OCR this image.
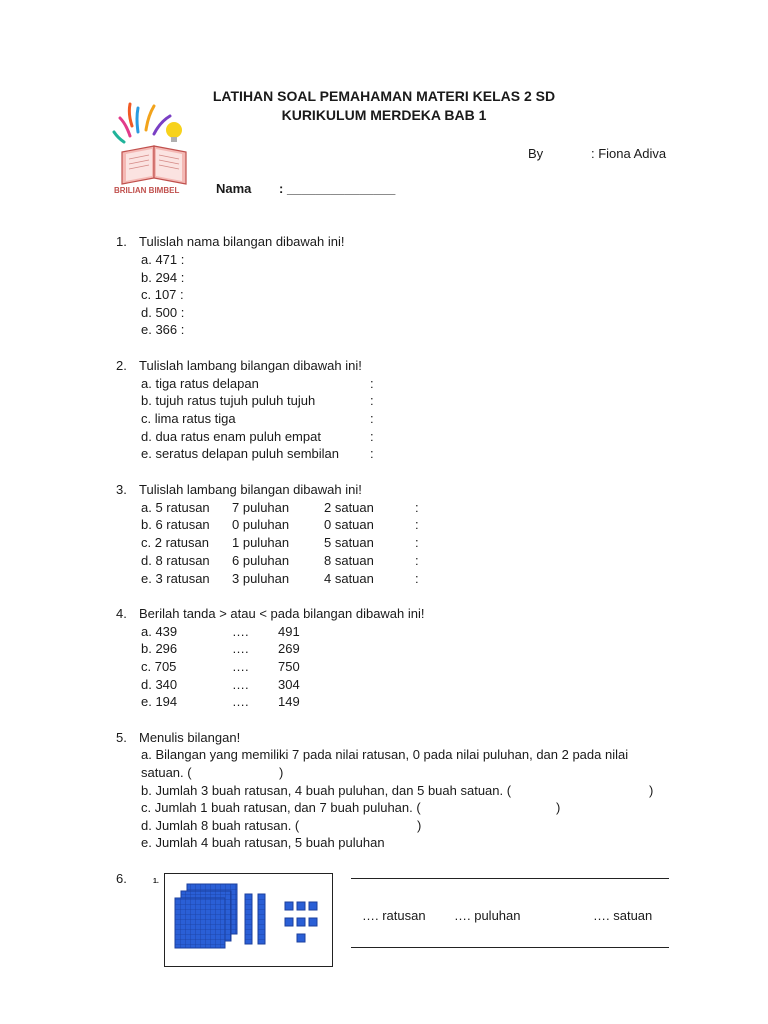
BRILIAN BIMBEL
LATIHAN SOAL PEMAHAMAN MATERI KELAS 2 SD
KURIKULUM MERDEKA BAB 1
By	: Fiona Adiva
Nama : _______________
1. Tulislah nama bilangan dibawah ini!
a. 471 :
b. 294 :
c. 107 :
d. 500 :
e. 366 :
2. Tulislah lambang bilangan dibawah ini!
a. tiga ratus delapan	:
b. tujuh ratus tujuh puluh tujuh	:
c. lima ratus tiga	:
d. dua ratus enam puluh empat	:
e. seratus delapan puluh sembilan :
3. Tulislah lambang bilangan dibawah ini!
a. 5 ratusan 7 puluhan	2 satuan	:
b. 6 ratusan 0 puluhan	0 satuan	:
c. 2 ratusan 1 puluhan	5 satuan	:
d. 8 ratusan 6 puluhan	8 satuan	:
e. 3 ratusan 3 puluhan	4 satuan	:
4. Berilah tanda > atau < pada bilangan dibawah ini!
a. 439	…. 491
b. 296	…. 269
c. 705	…. 750
d. 340	…. 304
e. 194	…. 149
5. Menulis bilangan!
a. Bilangan yang memiliki 7 pada nilai ratusan, 0 pada nilai puluhan, dan 2 pada nilai
satuan. (	)
b. Jumlah 3 buah ratusan, 4 buah puluhan, dan 5 buah satuan. (	)
c. Jumlah 1 buah ratusan, dan 7 buah puluhan. (	)
d. Jumlah 8 buah ratusan. (	)
e. Jumlah 4 buah ratusan, 5 buah puluhan
6.	1.
…. ratusan …. puluhan	…. satuan
